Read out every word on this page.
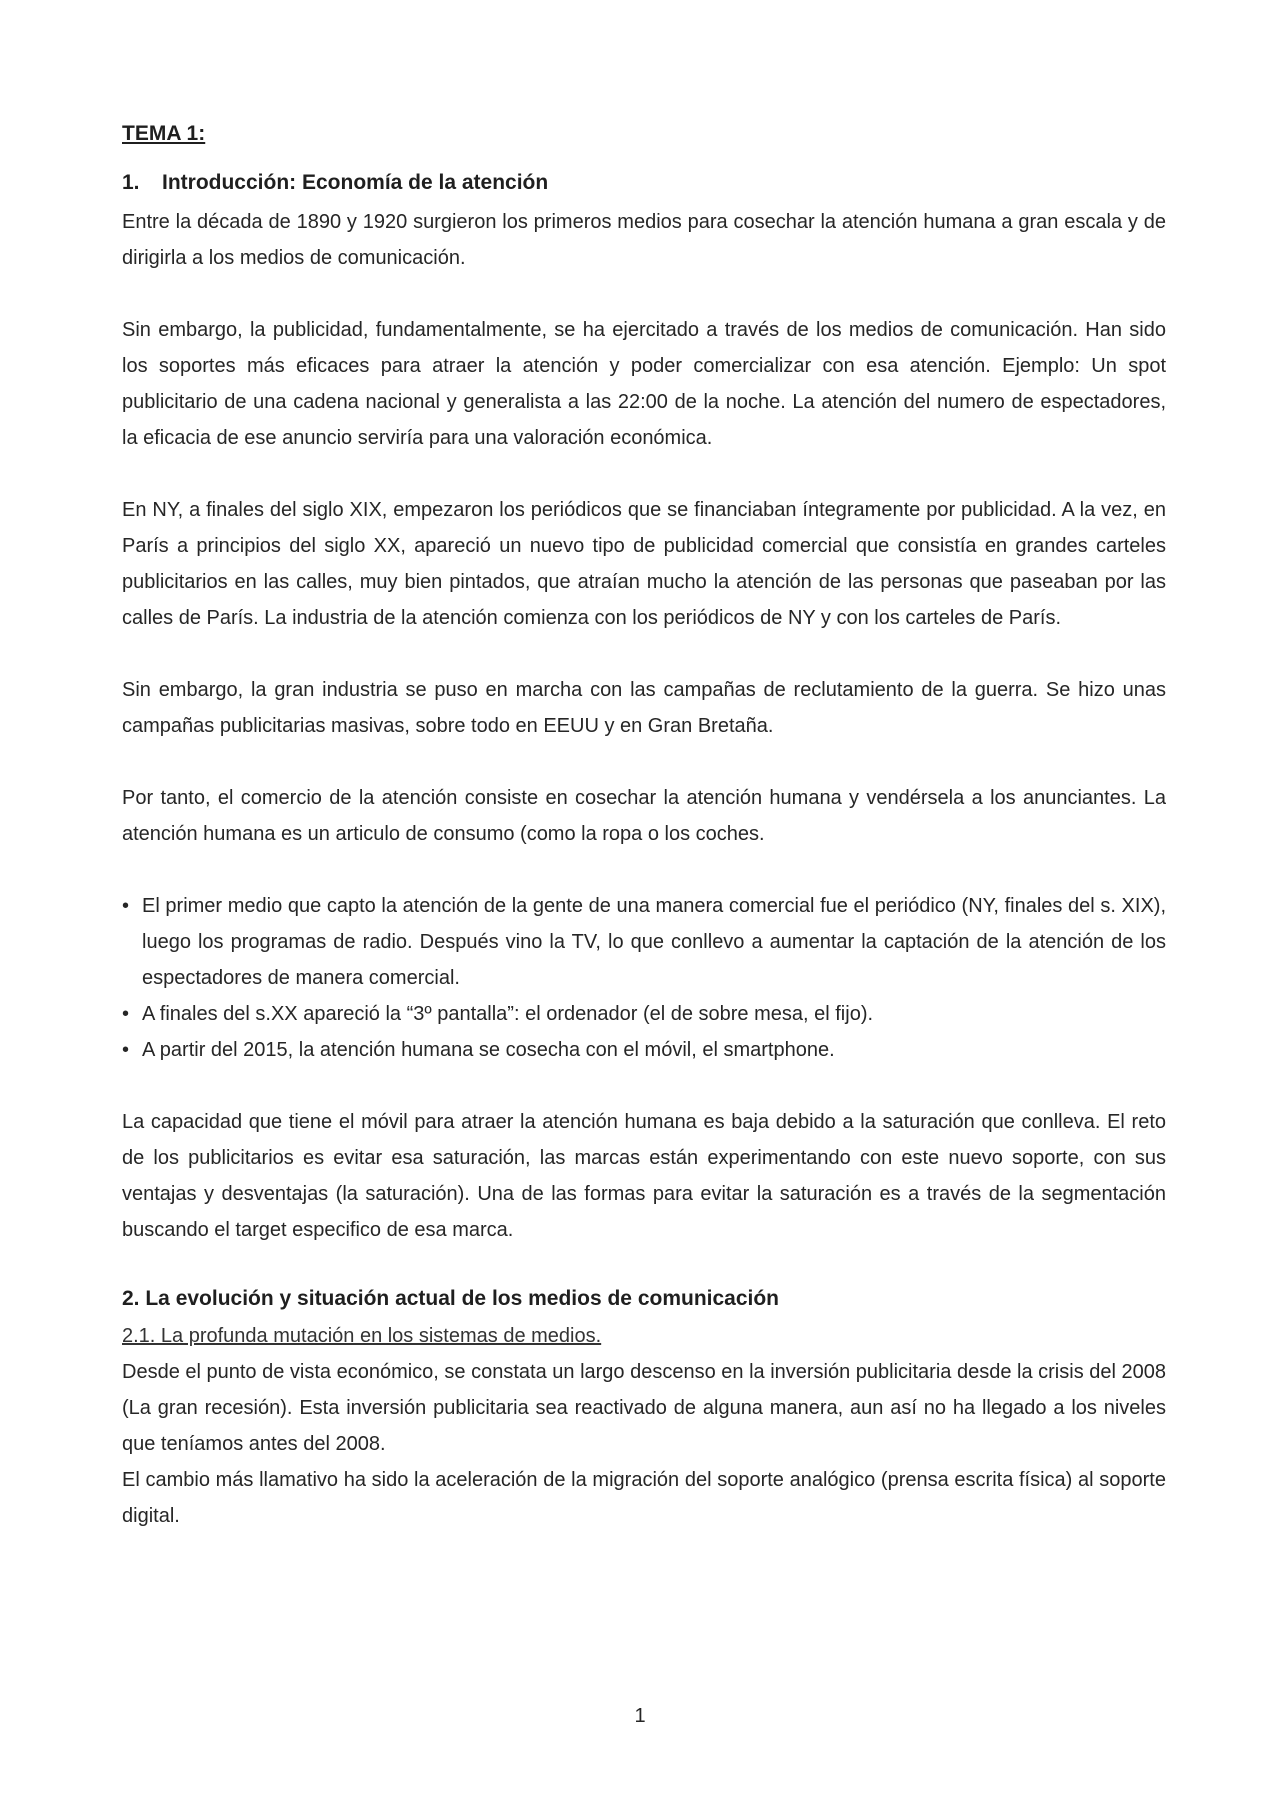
TEMA 1:
1. Introducción: Economía de la atención

Entre la década de 1890 y 1920 surgieron los primeros medios para cosechar la atención humana a gran escala y de dirigirla a los medios de comunicación.

Sin embargo, la publicidad, fundamentalmente, se ha ejercitado a través de los medios de comunicación. Han sido los soportes más eficaces para atraer la atención y poder comercializar con esa atención. Ejemplo: Un spot publicitario de una cadena nacional y generalista a las 22:00 de la noche. La atención del numero de espectadores, la eficacia de ese anuncio serviría para una valoración económica.

En NY, a finales del siglo XIX, empezaron los periódicos que se financiaban íntegramente por publicidad. A la vez, en París a principios del siglo XX, apareció un nuevo tipo de publicidad comercial que consistía en grandes carteles publicitarios en las calles, muy bien pintados, que atraían mucho la atención de las personas que paseaban por las calles de París. La industria de la atención comienza con los periódicos de NY y con los carteles de París.

Sin embargo, la gran industria se puso en marcha con las campañas de reclutamiento de la guerra. Se hizo unas campañas publicitarias masivas, sobre todo en EEUU y en Gran Bretaña.

Por tanto, el comercio de la atención consiste en cosechar la atención humana y vendérsela a los anunciantes. La atención humana es un articulo de consumo (como la ropa o los coches.

• El primer medio que capto la atención de la gente de una manera comercial fue el periódico (NY, finales del s. XIX), luego los programas de radio. Después vino la TV, lo que conllevo a aumentar la captación de la atención de los espectadores de manera comercial.
• A finales del s.XX apareció la “3º pantalla”: el ordenador (el de sobre mesa, el fijo).
• A partir del 2015, la atención humana se cosecha con el móvil, el smartphone.

La capacidad que tiene el móvil para atraer la atención humana es baja debido a la saturación que conlleva. El reto de los publicitarios es evitar esa saturación, las marcas están experimentando con este nuevo soporte, con sus ventajas y desventajas (la saturación). Una de las formas para evitar la saturación es a través de la segmentación buscando el target especifico de esa marca.

2. La evolución y situación actual de los medios de comunicación
2.1. La profunda mutación en los sistemas de medios.

Desde el punto de vista económico, se constata un largo descenso en la inversión publicitaria desde la crisis del 2008 (La gran recesión). Esta inversión publicitaria sea reactivado de alguna manera, aun así no ha llegado a los niveles que teníamos antes del 2008.

El cambio más llamativo ha sido la aceleración de la migración del soporte analógico (prensa escrita física) al soporte digital.

1
